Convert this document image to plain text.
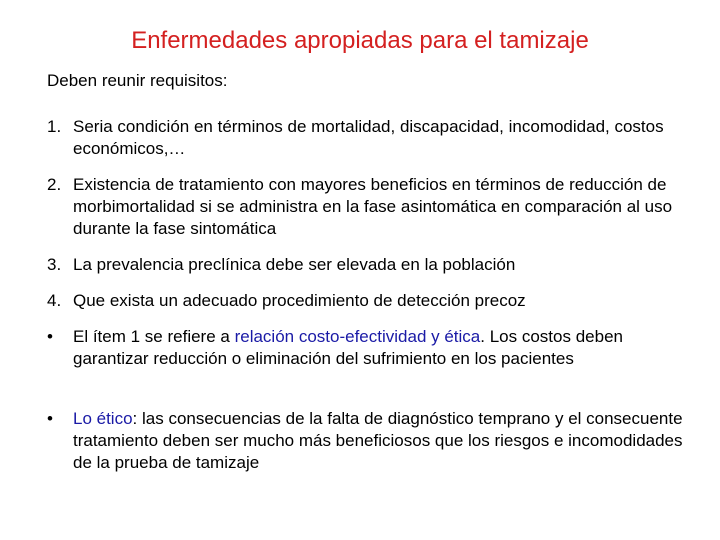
Enfermedades apropiadas para el tamizaje

Deben reunir requisitos:

1. Seria condición en términos de mortalidad, discapacidad, incomodidad, costos económicos,…
2. Existencia de tratamiento con mayores beneficios en términos de reducción de morbimortalidad si se administra en la fase asintomática en comparación al uso durante la fase sintomática
3. La prevalencia preclínica debe ser elevada en la población
4. Que exista un adecuado procedimiento de detección precoz
•	El ítem 1 se refiere a relación costo-efectividad y ética. Los costos deben garantizar reducción o eliminación del sufrimiento en los pacientes
•	Lo ético: las consecuencias de la falta de diagnóstico temprano y el consecuente tratamiento deben ser mucho más beneficiosos que los riesgos e incomodidades de la prueba de tamizaje
